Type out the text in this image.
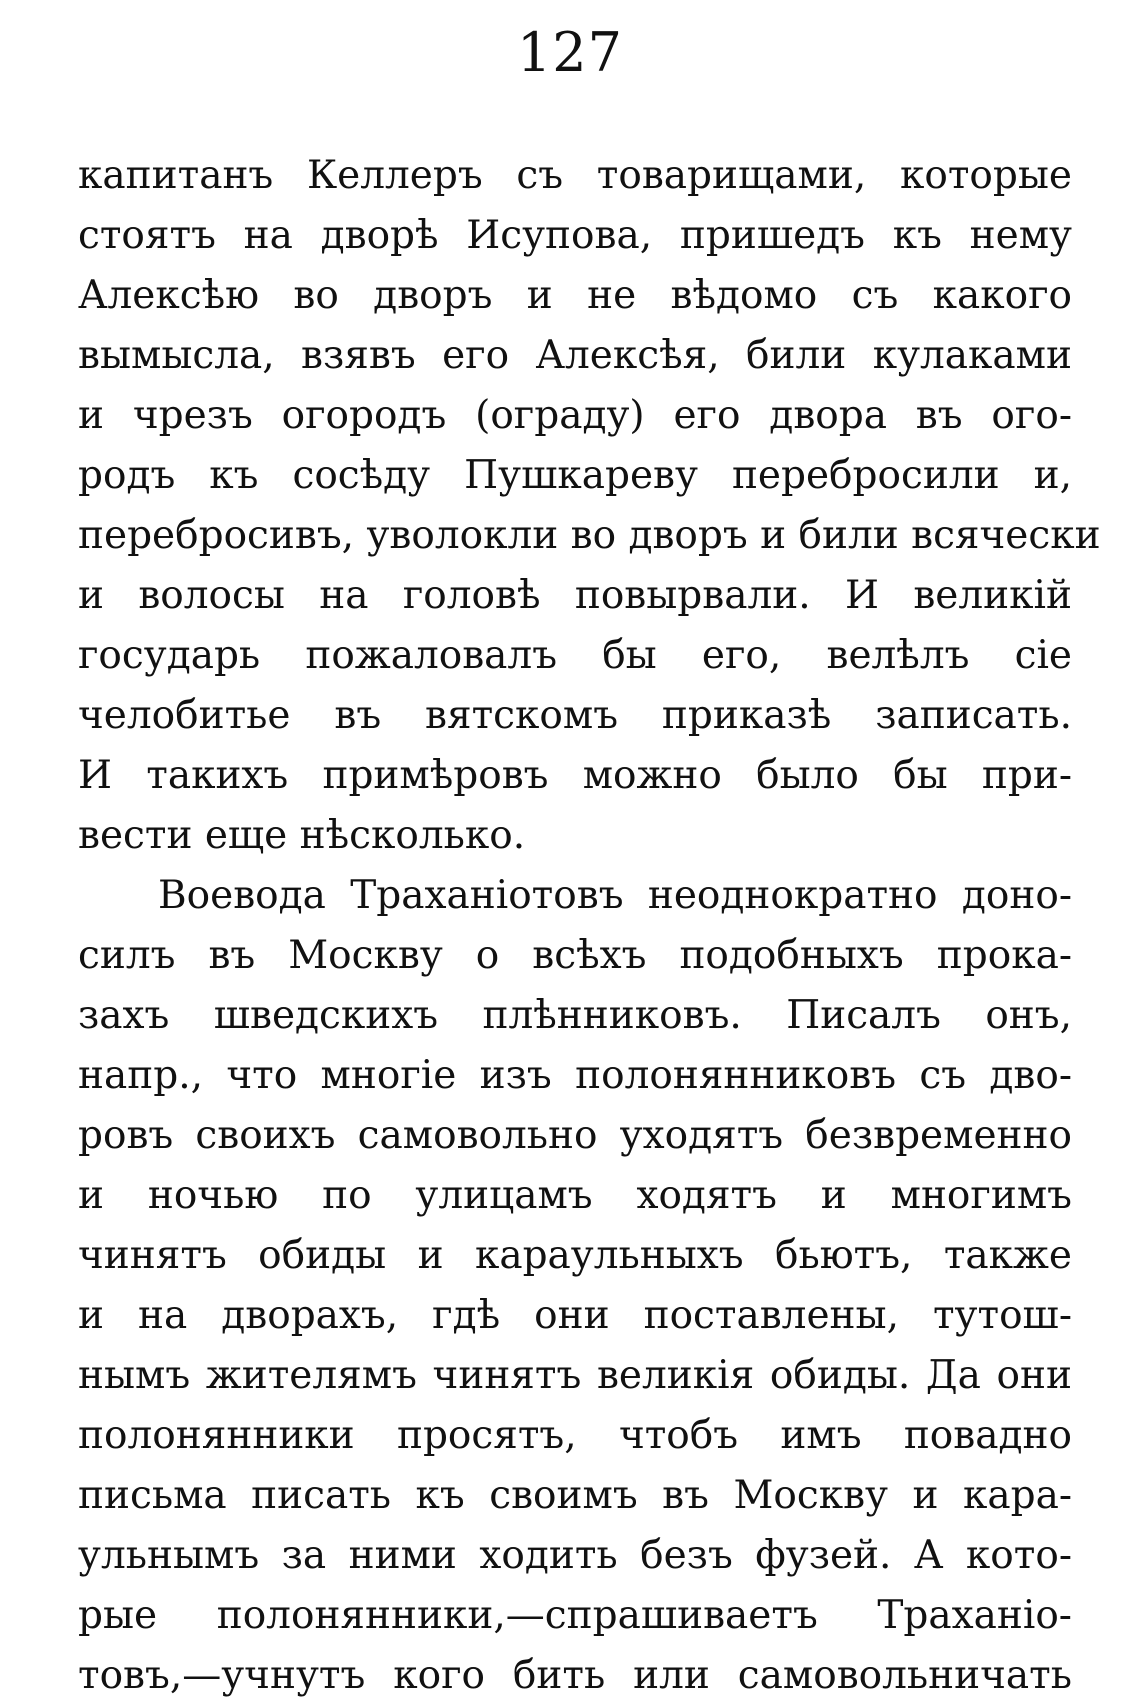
127
капитанъ Келлеръ съ товарищами, которые
стоятъ на дворѣ Исупова, пришедъ къ нему
Алексѣю во дворъ и не вѣдомо съ какого
вымысла, взявъ его Алексѣя, били кулаками
и чрезъ огородъ (ограду) его двора въ ого-
родъ къ сосѣду Пушкареву перебросили и,
перебросивъ, уволокли во дворъ и били всячески
и волосы на головѣ повырвали. И великій
государь пожаловалъ бы его, велѣлъ сіе
челобитье въ вятскомъ приказѣ записать.
И такихъ примѣровъ можно было бы при-
вести еще нѣсколько.
Воевода Траханіотовъ неоднократно доно-
силъ въ Москву о всѣхъ подобныхъ прока-
захъ шведскихъ плѣнниковъ. Писалъ онъ,
напр., что многіе изъ полонянниковъ съ дво-
ровъ своихъ самовольно уходятъ безвременно
и ночью по улицамъ ходятъ и многимъ
чинятъ обиды и караульныхъ бьютъ, также
и на дворахъ, гдѣ они поставлены, тутош-
нымъ жителямъ чинятъ великія обиды. Да они
полонянники просятъ, чтобъ имъ повадно
письма писать къ своимъ въ Москву и кара-
ульнымъ за ними ходить безъ фузей. А кото-
рые полонянники,—спрашиваетъ Траханіо-
товъ,—учнутъ кого бить или самовольничать
